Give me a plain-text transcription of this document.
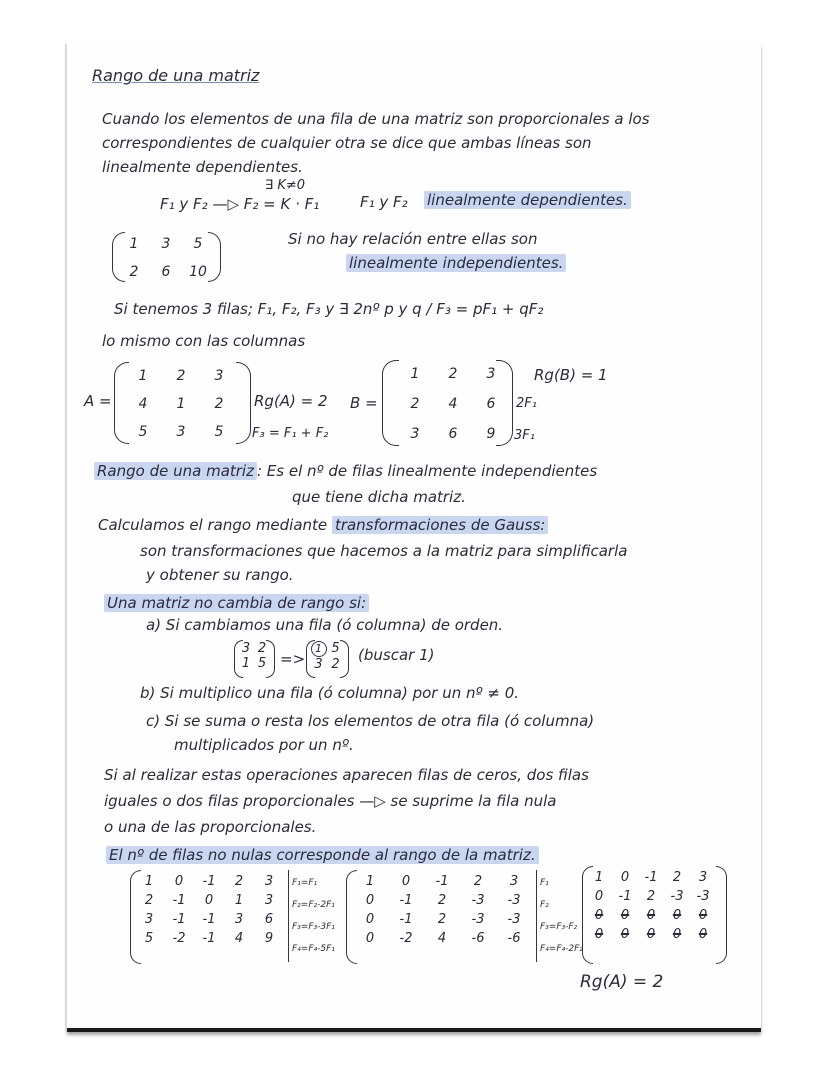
Rango de una matriz
Cuando los elementos de una fila de una matriz son proporcionales a los
correspondientes de cualquier otra se dice que ambas líneas son
linealmente dependientes.
∃ K≠0
F₁ y F₂ —▷ F₂ = K · F₁	F₁ y F₂ linealmente dependientes.
1	3	5
2	6	10
Si no hay relación entre ellas son
linealmente independientes.
Si tenemos 3 filas; F₁, F₂, F₃ y ∃ 2nº p y q / F₃ = pF₁ + qF₂
lo mismo con las columnas
A =
1	2	3
4	1	2
5	3	5
Rg(A) = 2
F₃ = F₁ + F₂
B =
1	2	3
2	4	6
3	6	9
Rg(B) = 1
2F₁
3F₁
Rango de una matriz : Es el nº de filas linealmente independientes
que tiene dicha matriz.
Calculamos el rango mediante transformaciones de Gauss:
son transformaciones que hacemos a la matriz para simplificarla
y obtener su rango.
Una matriz no cambia de rango si:
a) Si cambiamos una fila (ó columna) de orden.
3 2
1 5 =>
1 5
3 2
(buscar 1)
b) Si multiplico una fila (ó columna) por un nº ≠ 0.
c) Si se suma o resta los elementos de otra fila (ó columna)
multiplicados por un nº.
Si al realizar estas operaciones aparecen filas de ceros, dos filas
iguales o dos filas proporcionales —▷ se suprime la fila nula
o una de las proporcionales.
El nº de filas no nulas corresponde al rango de la matriz.
1	0	-1	2	3
2	-1	0	1	3
3	-1	-1	3	6
5	-2	-1	4	9
F₁=F₁
F₂=F₂-2F₁
F₃=F₃-3F₁
F₄=F₄-5F₁
1	0	-1	2	3
0	-1	2	-3	-3
0	-1	2	-3	-3
0	-2	4	-6	-6
F₁
F₂
F₃=F₃-F₂
F₄=F₄-2F₂
1	0	-1	2	3
0	-1	2	-3	-3
0	0	0	0	0
0	0	0	0	0
Rg(A) = 2
